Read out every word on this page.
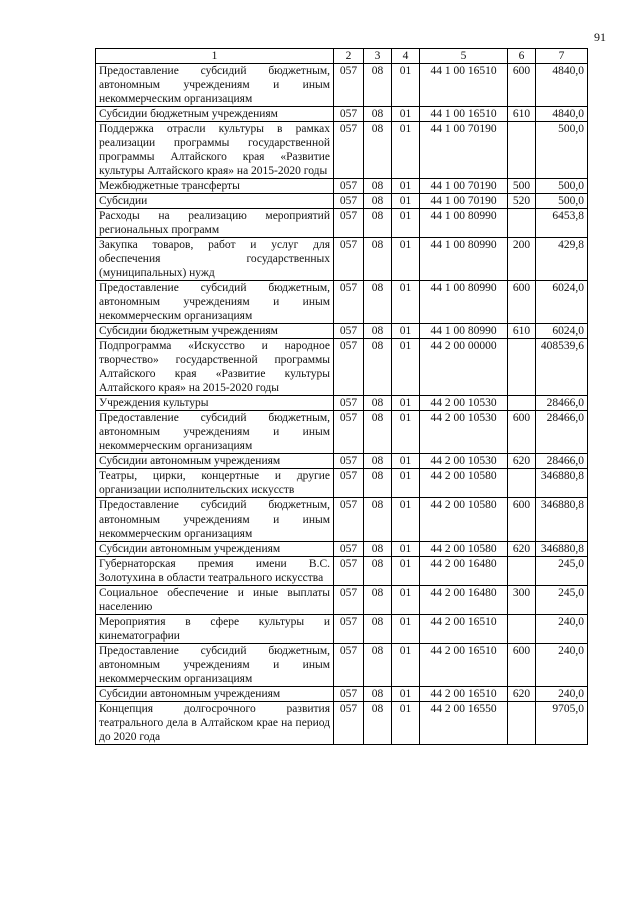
91
1	2	3	4	5	6	7
Предоставление субсидий бюджетным, автономным учреждениям и иным некоммерческим организациям	057	08	01	44 1 00 16510	600	4840,0
Субсидии бюджетным учреждениям	057	08	01	44 1 00 16510	610	4840,0
Поддержка отрасли культуры в рамках реализации программы государственной программы Алтайского края «Развитие культуры Алтайского края» на 2015-2020 годы	057	08	01	44 1 00 70190		500,0
Межбюджетные трансферты	057	08	01	44 1 00 70190	500	500,0
Субсидии	057	08	01	44 1 00 70190	520	500,0
Расходы на реализацию мероприятий региональных программ	057	08	01	44 1 00 80990		6453,8
Закупка товаров, работ и услуг для обеспечения государственных (муниципальных) нужд	057	08	01	44 1 00 80990	200	429,8
Предоставление субсидий бюджетным, автономным учреждениям и иным некоммерческим организациям	057	08	01	44 1 00 80990	600	6024,0
Субсидии бюджетным учреждениям	057	08	01	44 1 00 80990	610	6024,0
Подпрограмма «Искусство и народное творчество» государственной программы Алтайского края «Развитие культуры Алтайского края» на 2015-2020 годы	057	08	01	44 2 00 00000		408539,6
Учреждения культуры	057	08	01	44 2 00 10530		28466,0
Предоставление субсидий бюджетным, автономным учреждениям и иным некоммерческим организациям	057	08	01	44 2 00 10530	600	28466,0
Субсидии автономным учреждениям	057	08	01	44 2 00 10530	620	28466,0
Театры, цирки, концертные и другие организации исполнительских искусств	057	08	01	44 2 00 10580		346880,8
Предоставление субсидий бюджетным, автономным учреждениям и иным некоммерческим организациям	057	08	01	44 2 00 10580	600	346880,8
Субсидии автономным учреждениям	057	08	01	44 2 00 10580	620	346880,8
Губернаторская премия имени В.С. Золотухина в области театрального искусства	057	08	01	44 2 00 16480		245,0
Социальное обеспечение и иные выплаты населению	057	08	01	44 2 00 16480	300	245,0
Мероприятия в сфере культуры и кинематографии	057	08	01	44 2 00 16510		240,0
Предоставление субсидий бюджетным, автономным учреждениям и иным некоммерческим организациям	057	08	01	44 2 00 16510	600	240,0
Субсидии автономным учреждениям	057	08	01	44 2 00 16510	620	240,0
Концепция долгосрочного развития театрального дела в Алтайском крае на период до 2020 года	057	08	01	44 2 00 16550		9705,0
